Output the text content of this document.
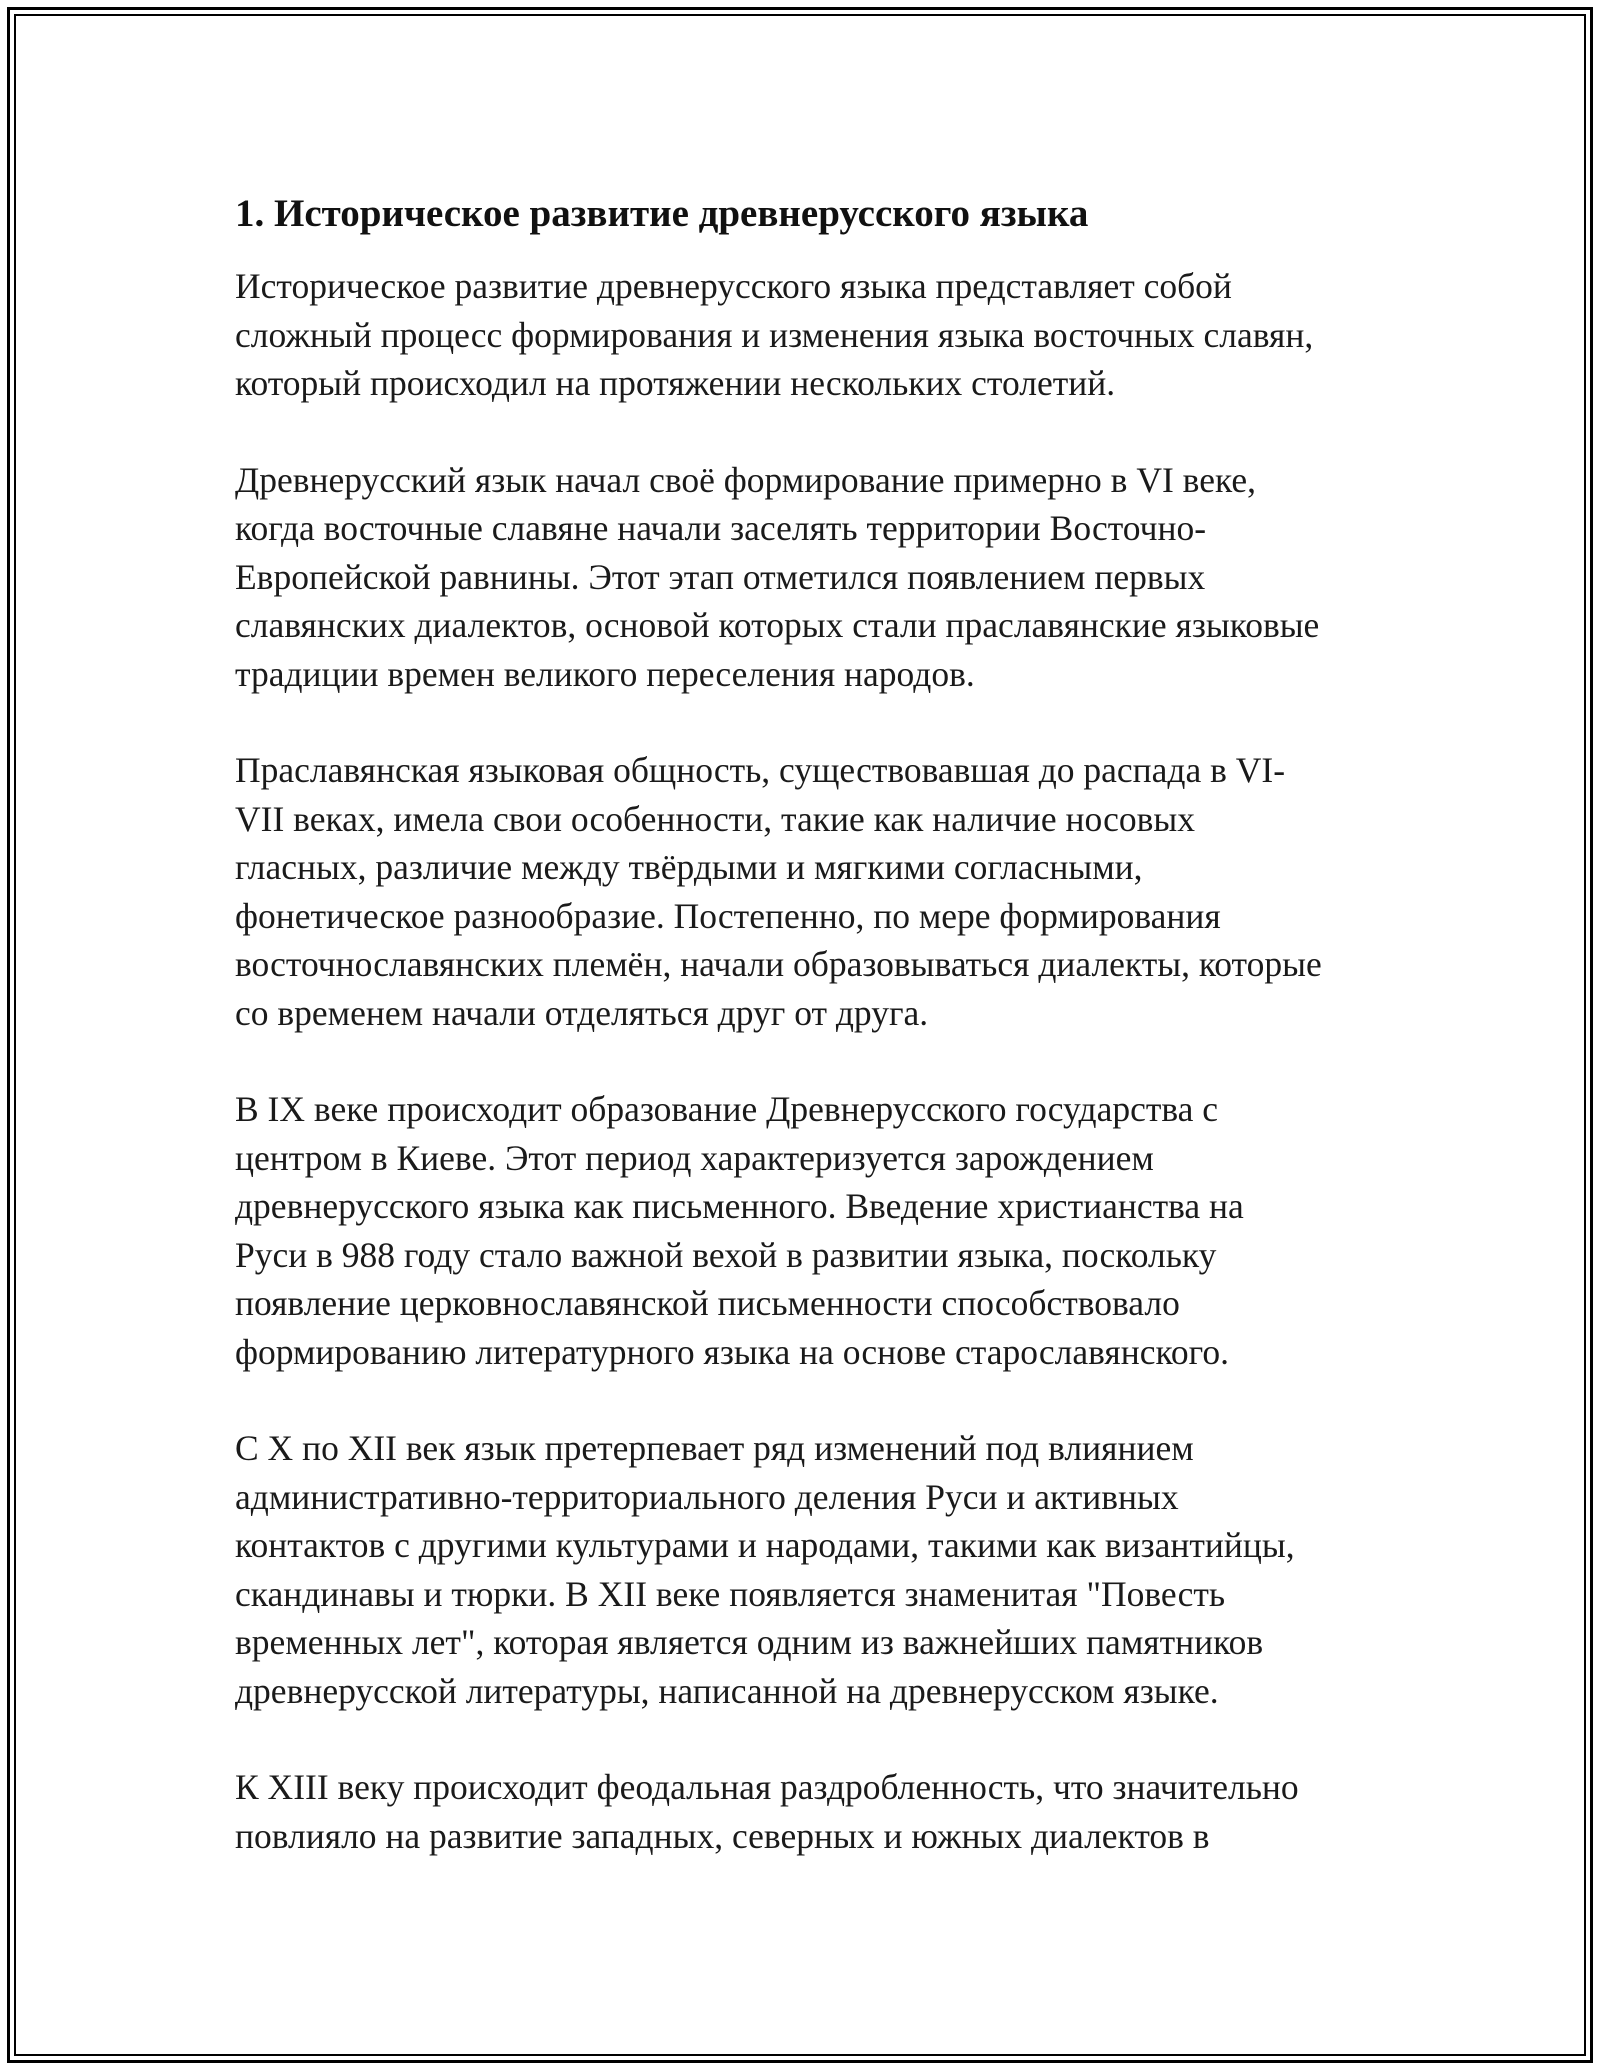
1. Историческое развитие древнерусского языка

Историческое развитие древнерусского языка представляет собой
сложный процесс формирования и изменения языка восточных славян,
который происходил на протяжении нескольких столетий.

Древнерусский язык начал своё формирование примерно в VI веке,
когда восточные славяне начали заселять территории Восточно-
Европейской равнины. Этот этап отметился появлением первых
славянских диалектов, основой которых стали праславянские языковые
традиции времен великого переселения народов.

Праславянская языковая общность, существовавшая до распада в VI-
VII веках, имела свои особенности, такие как наличие носовых
гласных, различие между твёрдыми и мягкими согласными,
фонетическое разнообразие. Постепенно, по мере формирования
восточнославянских племён, начали образовываться диалекты, которые
со временем начали отделяться друг от друга.

В IX веке происходит образование Древнерусского государства с
центром в Киеве. Этот период характеризуется зарождением
древнерусского языка как письменного. Введение христианства на
Руси в 988 году стало важной вехой в развитии языка, поскольку
появление церковнославянской письменности способствовало
формированию литературного языка на основе старославянского.

С X по XII век язык претерпевает ряд изменений под влиянием
административно-территориального деления Руси и активных
контактов с другими культурами и народами, такими как византийцы,
скандинавы и тюрки. В XII веке появляется знаменитая "Повесть
временных лет", которая является одним из важнейших памятников
древнерусской литературы, написанной на древнерусском языке.

К XIII веку происходит феодальная раздробленность, что значительно
повлияло на развитие западных, северных и южных диалектов в
